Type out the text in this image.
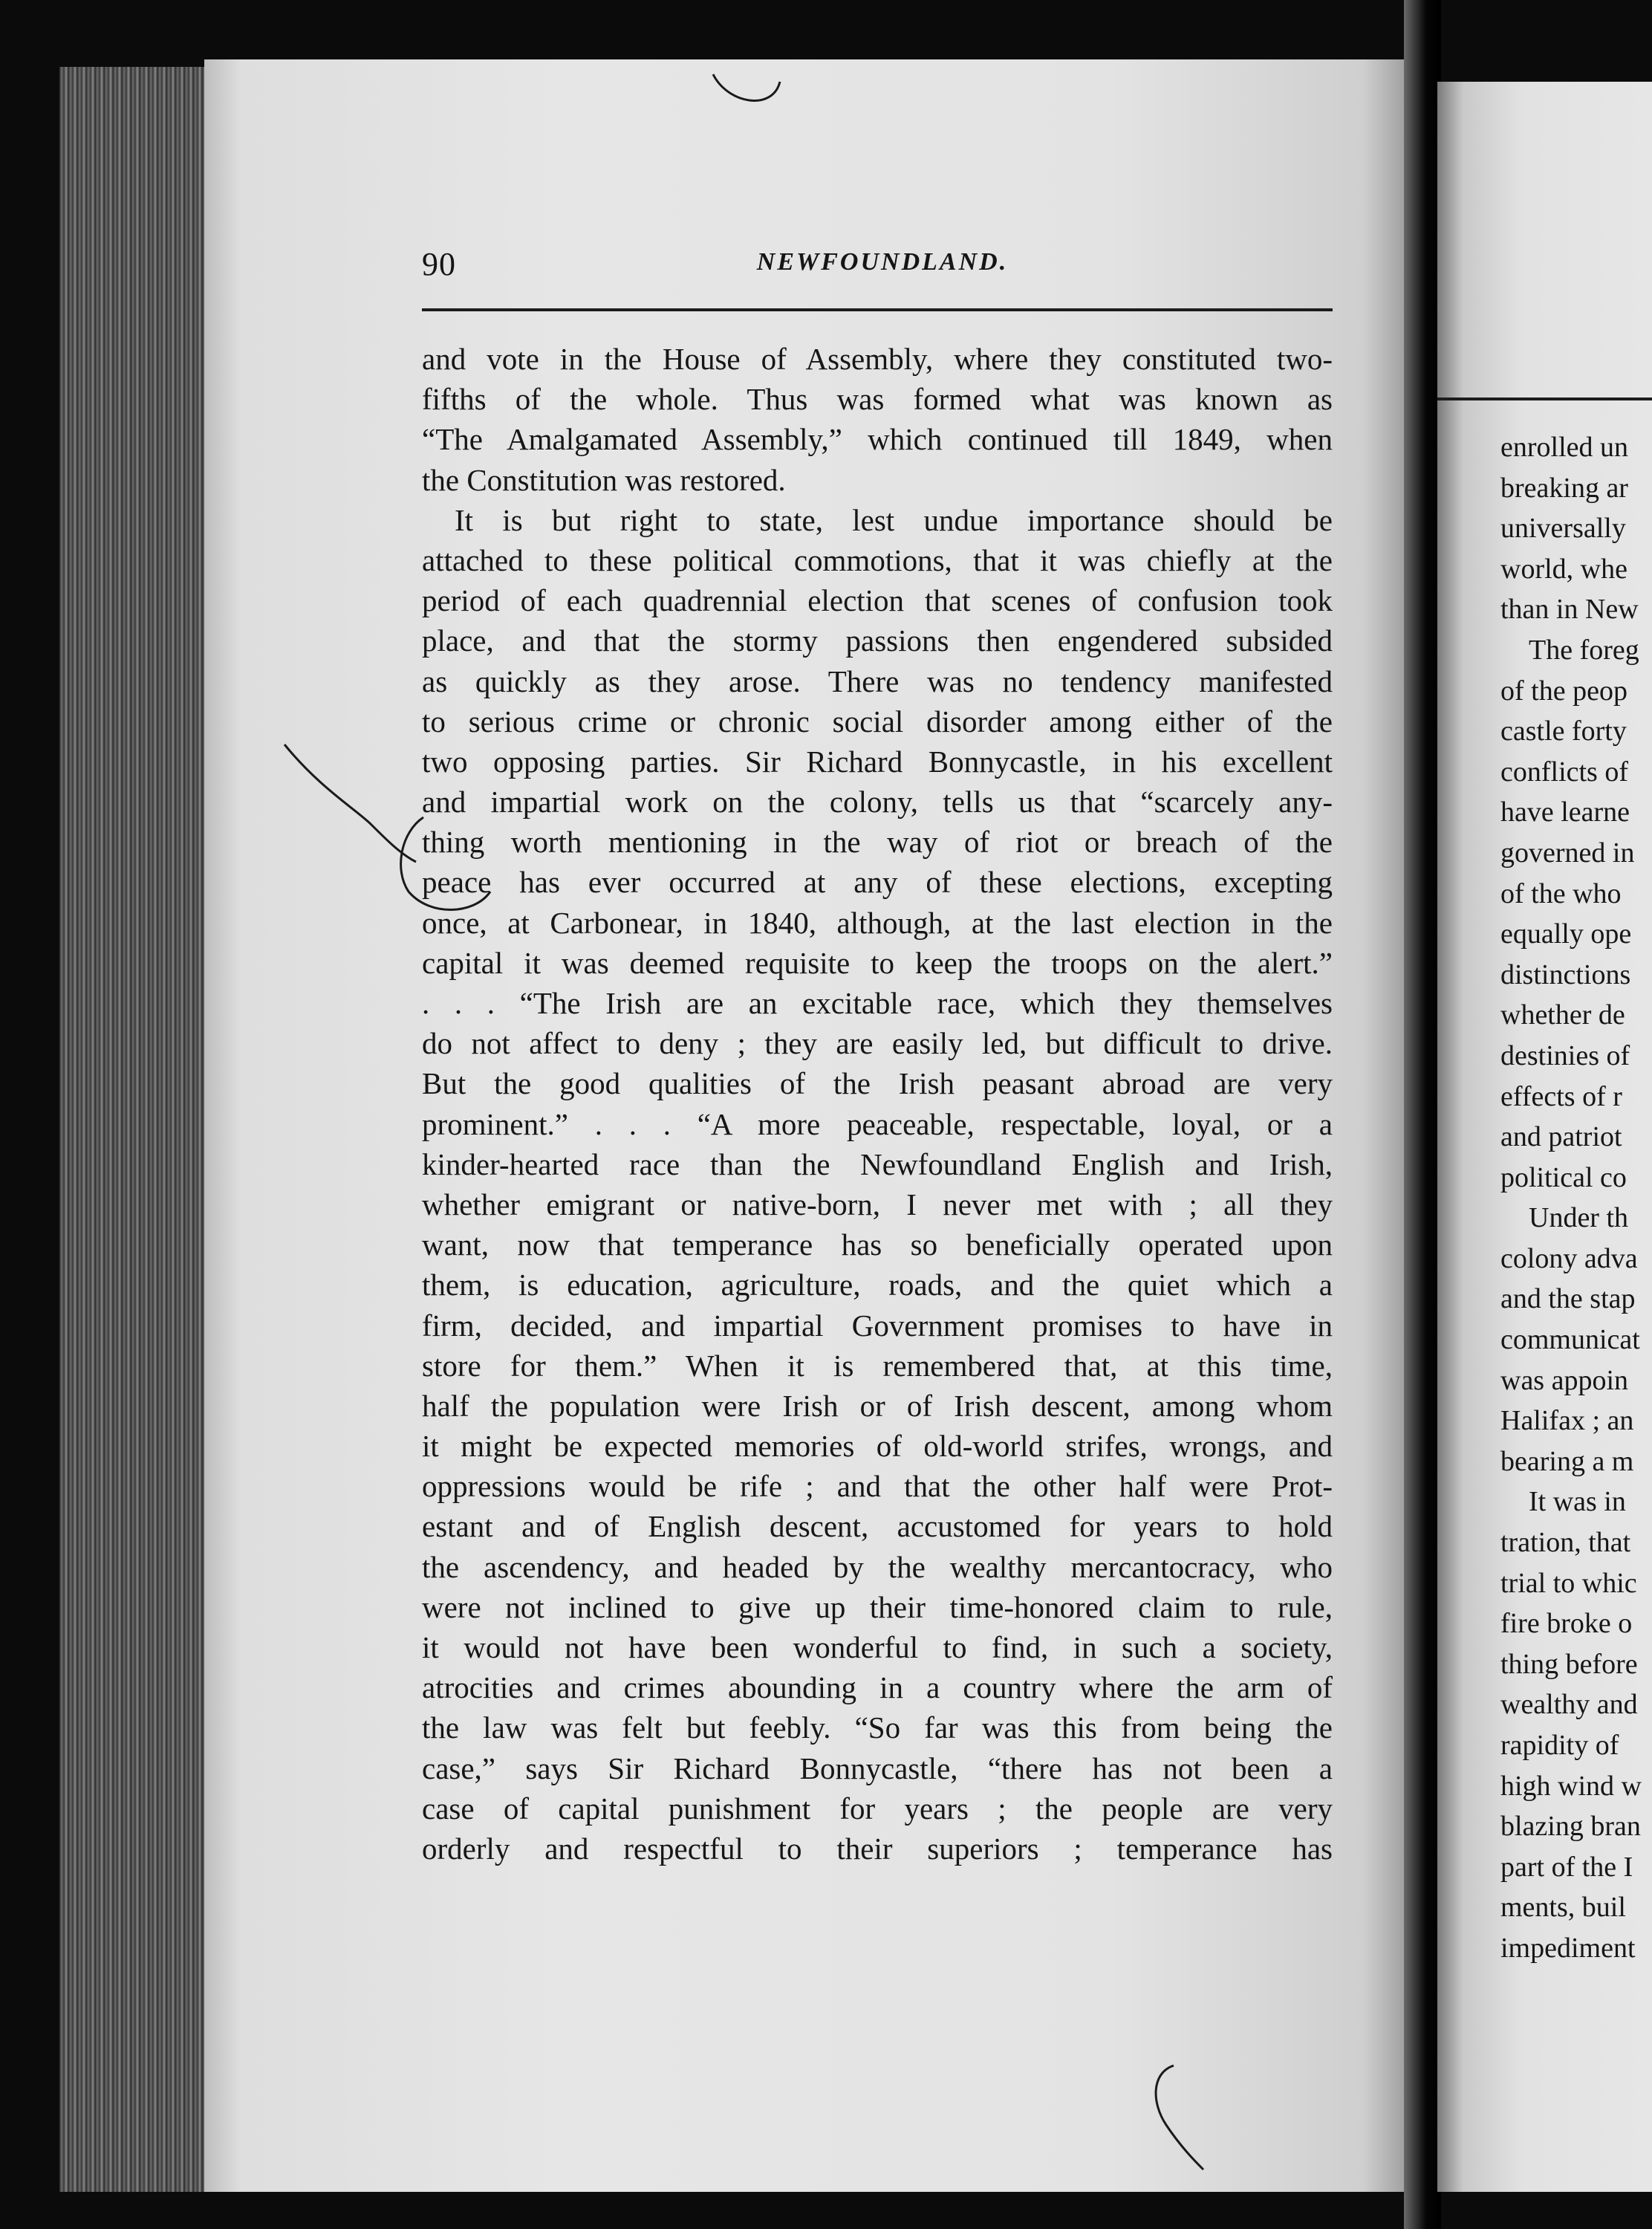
enrolled un
breaking ar
universally
world, whe
than in New
The foreg
of the peop
castle forty
conflicts of
have learne
governed in
of the who
equally ope
distinctions
whether de
destinies of
effects of r
and patriot
political co
Under th
colony adva
and the stap
communicat
was appoin
Halifax ; an
bearing a m
It was in
tration, that
trial to whic
fire broke o
thing before
wealthy and
rapidity of
high wind w
blazing bran
part of the I
ments, buil
impediment
90	NEWFOUNDLAND.
and vote in the House of Assembly, where they constituted two-
fifths of the whole. Thus was formed what was known as
“The Amalgamated Assembly,” which continued till 1849, when
the Constitution was restored.
It is but right to state, lest undue importance should be
attached to these political commotions, that it was chiefly at the
period of each quadrennial election that scenes of confusion took
place, and that the stormy passions then engendered subsided
as quickly as they arose. There was no tendency manifested
to serious crime or chronic social disorder among either of the
two opposing parties. Sir Richard Bonnycastle, in his excellent
and impartial work on the colony, tells us that “scarcely any-
thing worth mentioning in the way of riot or breach of the
peace has ever occurred at any of these elections, excepting
once, at Carbonear, in 1840, although, at the last election in the
capital it was deemed requisite to keep the troops on the alert.”
. . . “The Irish are an excitable race, which they themselves
do not affect to deny ; they are easily led, but difficult to drive.
But the good qualities of the Irish peasant abroad are very
prominent.” . . . “A more peaceable, respectable, loyal, or a
kinder-hearted race than the Newfoundland English and Irish,
whether emigrant or native-born, I never met with ; all they
want, now that temperance has so beneficially operated upon
them, is education, agriculture, roads, and the quiet which a
firm, decided, and impartial Government promises to have in
store for them.” When it is remembered that, at this time,
half the population were Irish or of Irish descent, among whom
it might be expected memories of old-world strifes, wrongs, and
oppressions would be rife ; and that the other half were Prot-
estant and of English descent, accustomed for years to hold
the ascendency, and headed by the wealthy mercantocracy, who
were not inclined to give up their time-honored claim to rule,
it would not have been wonderful to find, in such a society,
atrocities and crimes abounding in a country where the arm of
the law was felt but feebly. “So far was this from being the
case,” says Sir Richard Bonnycastle, “there has not been a
case of capital punishment for years ; the people are very
orderly and respectful to their superiors ; temperance has
